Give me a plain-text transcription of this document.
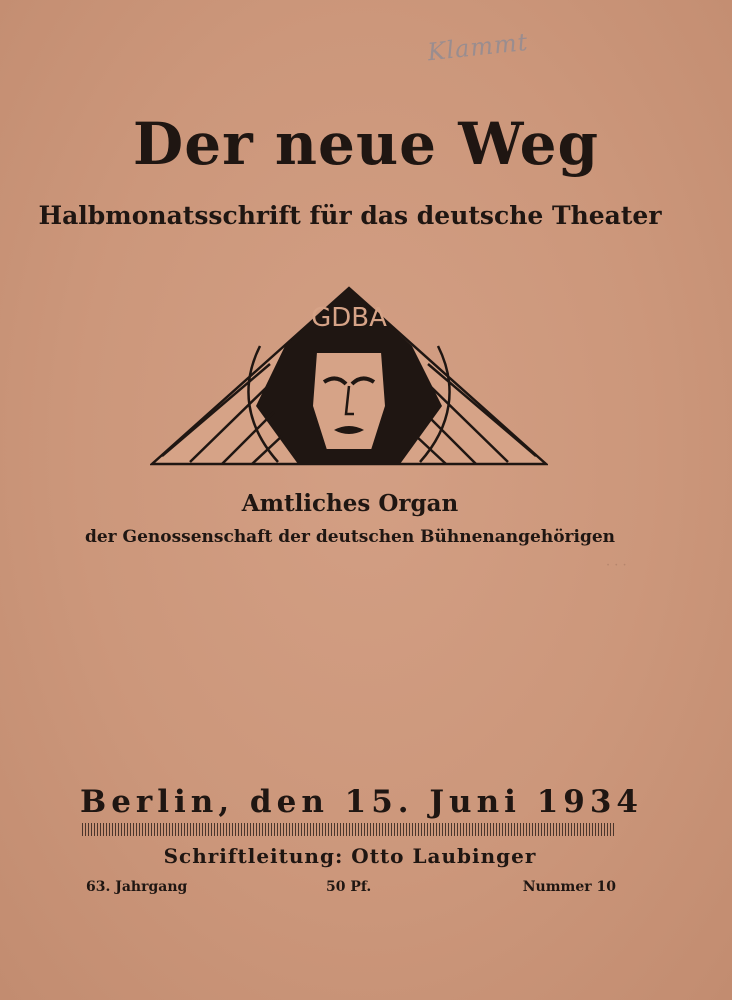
Klammt
Der neue Weg
Halbmonatsschrift für das deutsche Theater
GDBA
Amtliches Organ
der Genossenschaft der deutschen Bühnenangehörigen
· · ·
Berlin, den 15. Juni 1934
Schriftleitung: Otto Laubinger
63. Jahrgang	50 Pf.	Nummer 10
